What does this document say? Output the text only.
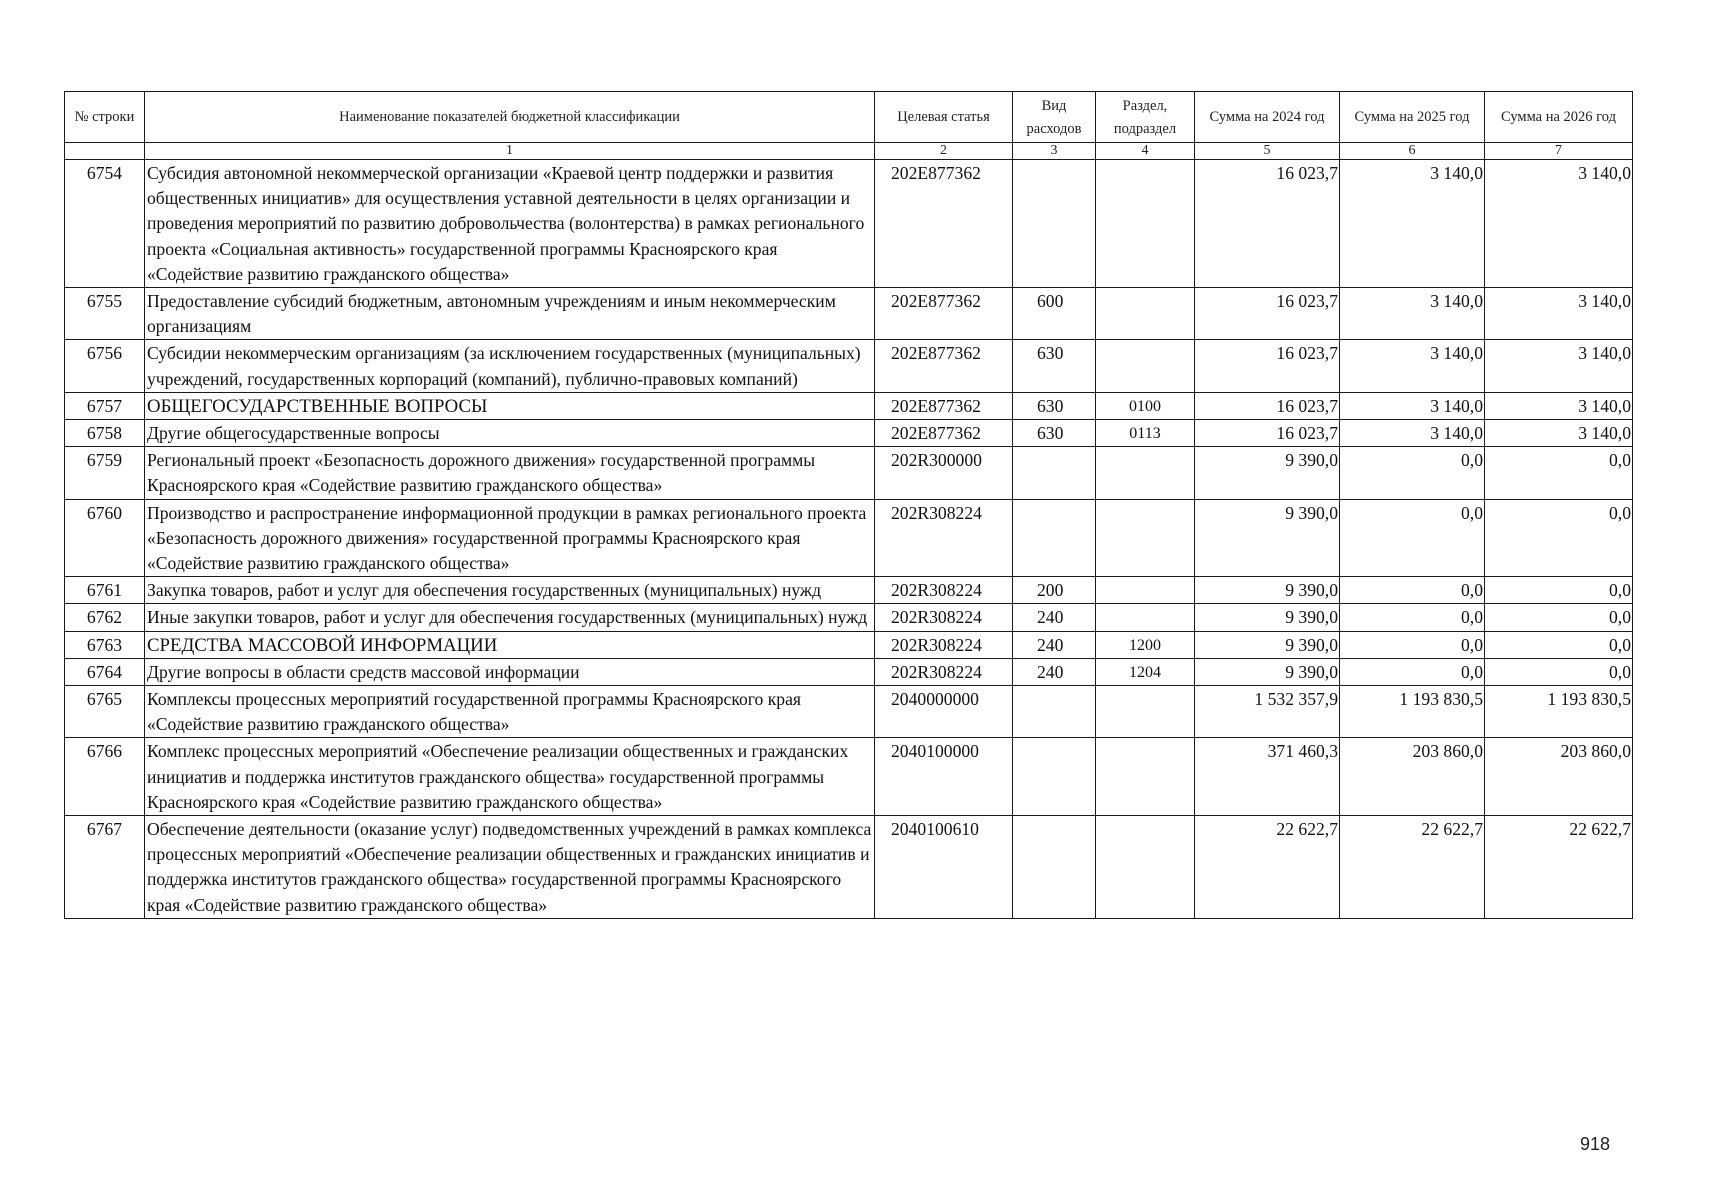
№ строки	Наименование показателей бюджетной классификации	Целевая статья	Вид расходов	Раздел, подраздел	Сумма на 2024 год	Сумма на 2025 год	Сумма на 2026 год
	1	2	3	4	5	6	7
6754	Субсидия автономной некоммерческой организации «Краевой центр поддержки и развития общественных инициатив» для осуществления уставной деятельности в целях организации и проведения мероприятий по развитию добровольчества (волонтерства) в рамках регионального проекта «Социальная активность» государственной программы Красноярского края «Содействие развитию гражданского общества»	202E877362			16 023,7	3 140,0	3 140,0
6755	Предоставление субсидий бюджетным, автономным учреждениям и иным некоммерческим организациям	202E877362	600		16 023,7	3 140,0	3 140,0
6756	Субсидии некоммерческим организациям (за исключением государственных (муниципальных) учреждений, государственных корпораций (компаний), публично-правовых компаний)	202E877362	630		16 023,7	3 140,0	3 140,0
6757	ОБЩЕГОСУДАРСТВЕННЫЕ ВОПРОСЫ	202E877362	630	0100	16 023,7	3 140,0	3 140,0
6758	Другие общегосударственные вопросы	202E877362	630	0113	16 023,7	3 140,0	3 140,0
6759	Региональный проект «Безопасность дорожного движения» государственной программы Красноярского края «Содействие развитию гражданского общества»	202R300000			9 390,0	0,0	0,0
6760	Производство и распространение информационной продукции в рамках регионального проекта «Безопасность дорожного движения» государственной программы Красноярского края «Содействие развитию гражданского общества»	202R308224			9 390,0	0,0	0,0
6761	Закупка товаров, работ и услуг для обеспечения государственных (муниципальных) нужд	202R308224	200		9 390,0	0,0	0,0
6762	Иные закупки товаров, работ и услуг для обеспечения государственных (муниципальных) нужд	202R308224	240		9 390,0	0,0	0,0
6763	СРЕДСТВА МАССОВОЙ ИНФОРМАЦИИ	202R308224	240	1200	9 390,0	0,0	0,0
6764	Другие вопросы в области средств массовой информации	202R308224	240	1204	9 390,0	0,0	0,0
6765	Комплексы процессных мероприятий государственной программы Красноярского края «Содействие развитию гражданского общества»	2040000000			1 532 357,9	1 193 830,5	1 193 830,5
6766	Комплекс процессных мероприятий «Обеспечение реализации общественных и гражданских инициатив и поддержка институтов гражданского общества» государственной программы Красноярского края «Содействие развитию гражданского общества»	2040100000			371 460,3	203 860,0	203 860,0
6767	Обеспечение деятельности (оказание услуг) подведомственных учреждений в рамках комплекса процессных мероприятий «Обеспечение реализации общественных и гражданских инициатив и поддержка институтов гражданского общества» государственной программы Красноярского края «Содействие развитию гражданского общества»	2040100610			22 622,7	22 622,7	22 622,7
918
